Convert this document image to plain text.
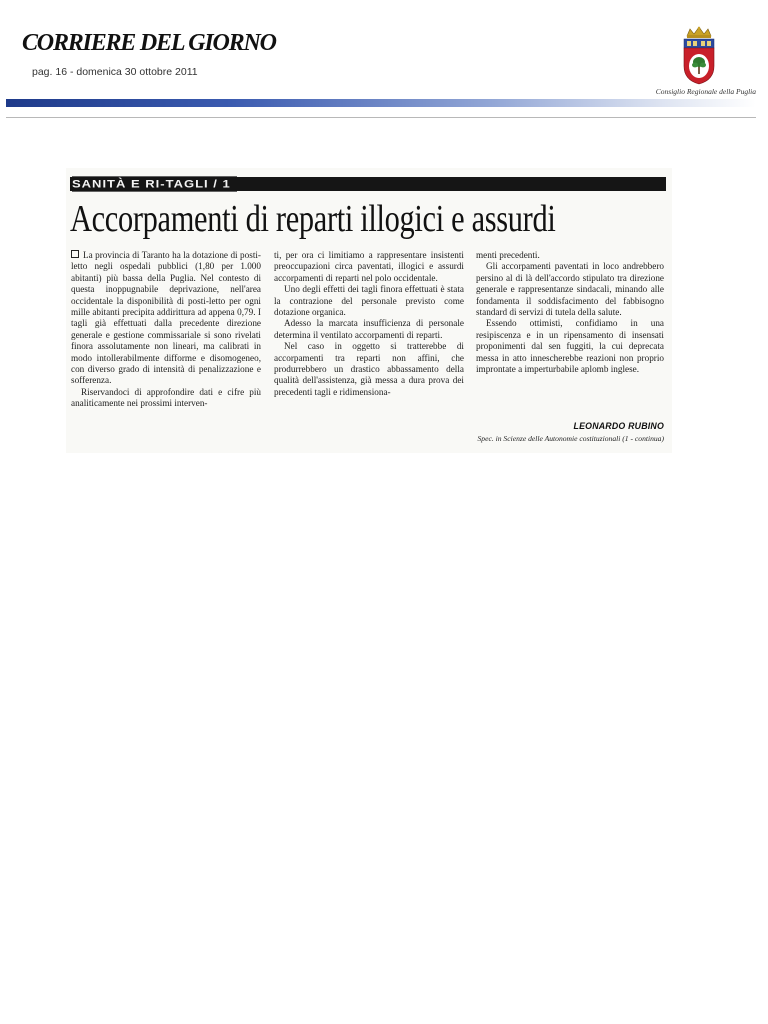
CORRIERE DEL GIORNO
pag. 16 - domenica 30 ottobre 2011
Consiglio Regionale della Puglia
SANITÀ E RI-TAGLI / 1
Accorpamenti di reparti illogici e assurdi

La provincia di Taranto ha la dotazione di posti-letto negli ospedali pubblici (1,80 per 1.000 abitanti) più bassa della Puglia. Nel contesto di questa inoppugnabile deprivazione, nell'area occidentale la disponibilità di posti-letto per ogni mille abitanti precipita addirittura ad appena 0,79. I tagli già effettuati dalla precedente direzione generale e gestione commissariale si sono rivelati finora assolutamente non lineari, ma calibrati in modo intollerabilmente difforme e disomogeneo, con diverso grado di intensità di penalizzazione e sofferenza.

Riservandoci di approfondire dati e cifre più analiticamente nei prossimi interven-

ti, per ora ci limitiamo a rappresentare insistenti preoccupazioni circa paventati, illogici e assurdi accorpamenti di reparti nel polo occidentale.

Uno degli effetti dei tagli finora effettuati è stata la contrazione del personale previsto come dotazione organica.

Adesso la marcata insufficienza di personale determina il ventilato accorpamenti di reparti.

Nel caso in oggetto si tratterebbe di accorpamenti tra reparti non affini, che produrrebbero un drastico abbassamento della qualità dell'assistenza, già messa a dura prova dei precedenti tagli e ridimensiona-

menti precedenti.

Gli accorpamenti paventati in loco andrebbero persino al di là dell'accordo stipulato tra direzione generale e rappresentanze sindacali, minando alle fondamenta il soddisfacimento del fabbisogno standard di servizi di tutela della salute.

Essendo ottimisti, confidiamo in una resipiscenza e in un ripensamento di insensati proponimenti dal sen fuggiti, la cui deprecata messa in atto innescherebbe reazioni non proprio improntate a imperturbabile aplomb inglese.

LEONARDO RUBINO
Spec. in Scienze delle Autonomie costituzionali (1 - continua)
